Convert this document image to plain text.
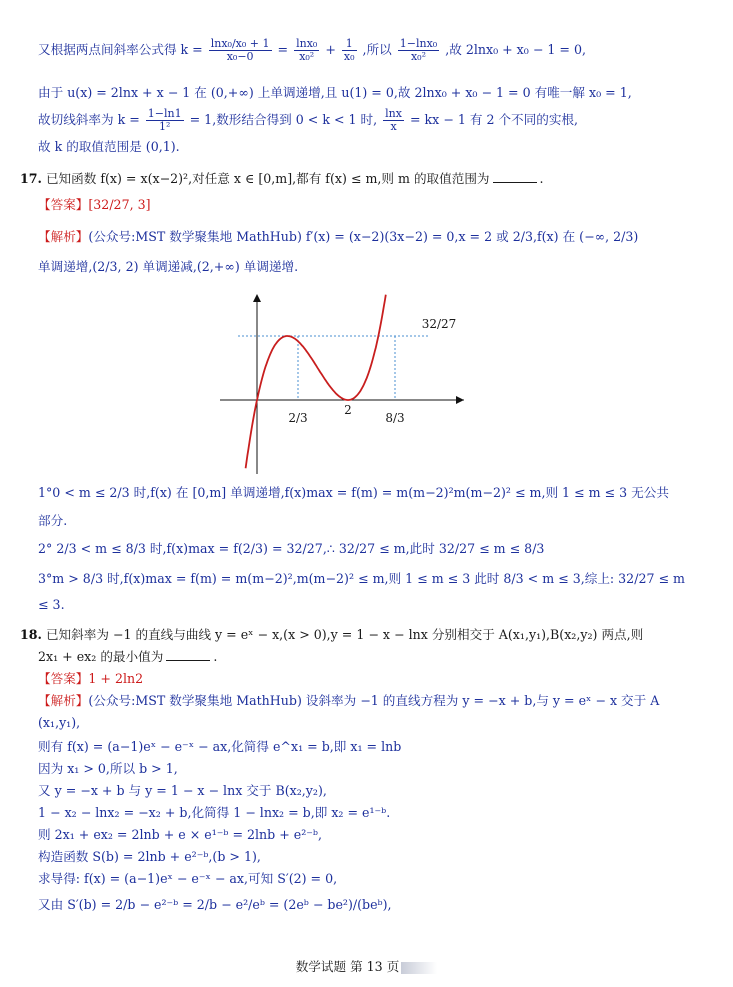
又根据两点间斜率公式得 $k = \frac{\text{lnx₀/x₀ + 1}}{\text{x₀−0}} = \frac{\text{lnx₀}}{\text{x₀²}} + \frac{1}{\text{x₀}}$ ,所以 $\frac{\text{1−lnx₀}}{\text{x₀²}}$ ,故 2lnx₀ + x₀ − 1 = 0,
由于 u(x) = 2lnx + x − 1 在 (0,+∞) 上单调递增,且 u(1) = 0,故 2lnx₀ + x₀ − 1 = 0 有唯一解 x₀ = 1,
故切线斜率为 $k = \frac{1-\ln 1}{\text{1²}} = 1$,数形结合得到 0 < k < 1 时, $\frac{\ln x}{x}$ = kx − 1 有 2 个不同的实根,
故 k 的取值范围是 (0,1).
17. 已知函数 f(x) = x(x−2)²,对任意 x ∈ [0,m],都有 f(x) ≤ m,则 m 的取值范围为	.
【答案】[32/27, 3]
【解析】(公众号:MST 数学聚集地 MathHub) f′(x) = (x−2)(3x−2) = 0,x = 2 或 2/3,f(x) 在 (−∞, 2/3)
单调递增,(2/3, 2) 单调递减,(2,+∞) 单调递增.
32/27
2/3
2
8/3
1°0 < m ≤ 2/3 时,f(x) 在 [0,m] 单调递增,f(x)max = f(m) = m(m−2)²m(m−2)² ≤ m,则 1 ≤ m ≤ 3 无公共
部分.
2° 2/3 < m ≤ 8/3 时,f(x)max = f(2/3) = 32/27,∴ 32/27 ≤ m,此时 32/27 ≤ m ≤ 8/3
3°m > 8/3 时,f(x)max = f(m) = m(m−2)²,m(m−2)² ≤ m,则 1 ≤ m ≤ 3 此时 8/3 < m ≤ 3,综上: 32/27 ≤ m
≤ 3.
18. 已知斜率为 −1 的直线与曲线 y = eˣ − x,(x > 0),y = 1 − x − lnx 分别相交于 A(x₁,y₁),B(x₂,y₂) 两点,则
2x₁ + ex₂ 的最小值为	.
【答案】1 + 2ln2
【解析】(公众号:MST 数学聚集地 MathHub) 设斜率为 −1 的直线方程为 y = −x + b,与 y = eˣ − x 交于 A
(x₁,y₁),
则有 f(x) = (a−1)eˣ − e⁻ˣ − ax,化简得 e^x₁ = b,即 x₁ = lnb
因为 x₁ > 0,所以 b > 1,
又 y = −x + b 与 y = 1 − x − lnx 交于 B(x₂,y₂),
1 − x₂ − lnx₂ = −x₂ + b,化简得 1 − lnx₂ = b,即 x₂ = e¹⁻ᵇ.
则 2x₁ + ex₂ = 2lnb + e × e¹⁻ᵇ = 2lnb + e²⁻ᵇ,
构造函数 S(b) = 2lnb + e²⁻ᵇ,(b > 1),
求导得: f(x) = (a−1)eˣ − e⁻ˣ − ax,可知 S′(2) = 0,
又由 S′(b) = 2/b − e²⁻ᵇ = 2/b − e²/eᵇ = (2eᵇ − be²)/(beᵇ),
数学试题 第 13 页
